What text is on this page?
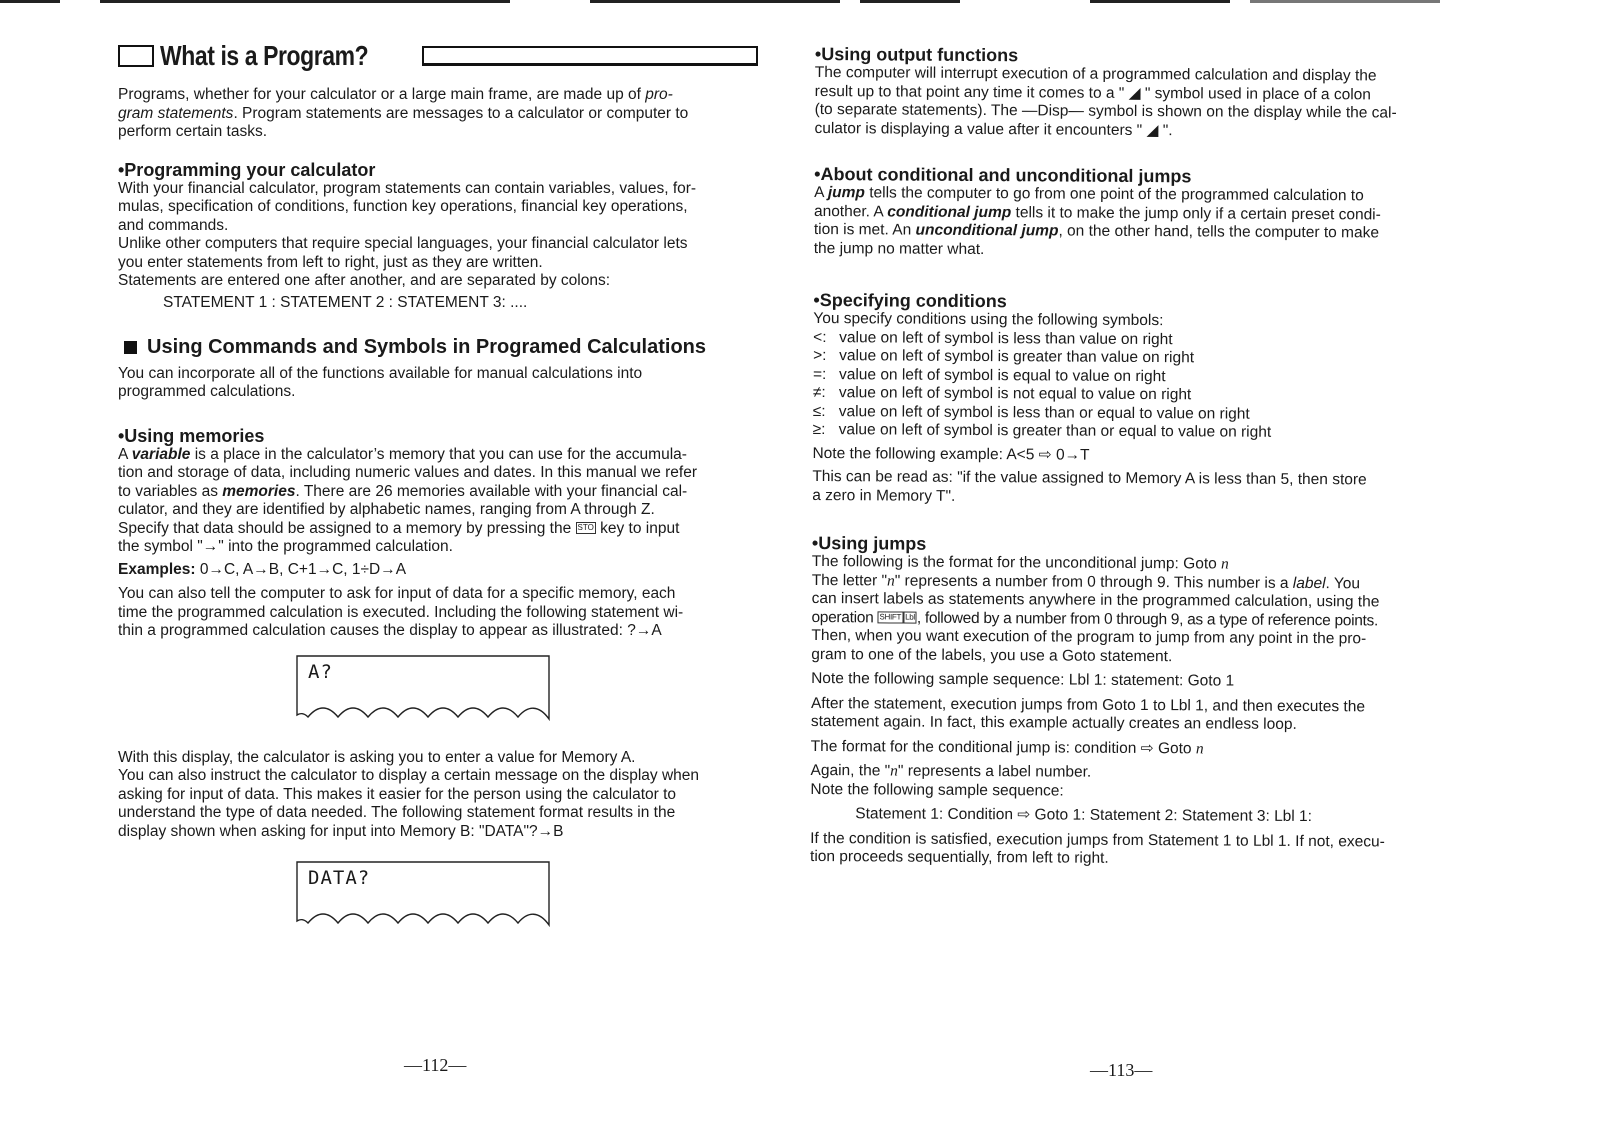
What is a Program?

Programs, whether for your calculator or a large main frame, are made up of pro-
gram statements. Program statements are messages to a calculator or computer to
perform certain tasks.

•Programming your calculator
With your financial calculator, program statements can contain variables, values, for-
mulas, specification of conditions, function key operations, financial key operations,
and commands.
Unlike other computers that require special languages, your financial calculator lets
you enter statements from left to right, just as they are written.
Statements are entered one after another, and are separated by colons:
STATEMENT 1 : STATEMENT 2 : STATEMENT 3: ....
Using Commands and Symbols in Programed Calculations
You can incorporate all of the functions available for manual calculations into
programmed calculations.
•Using memories
A variable is a place in the calculator’s memory that you can use for the accumula-
tion and storage of data, including numeric values and dates. In this manual we refer
to variables as memories. There are 26 memories available with your financial cal-
culator, and they are identified by alphabetic names, ranging from A through Z.
Specify that data should be assigned to a memory by pressing the STO key to input
the symbol "→" into the programmed calculation.
Examples: 0→C, A→B, C+1→C, 1÷D→A
You can also tell the computer to ask for input of data for a specific memory, each
time the programmed calculation is executed. Including the following statement wi-
thin a programmed calculation causes the display to appear as illustrated: ?→A
A?
With this display, the calculator is asking you to enter a value for Memory A.
You can also instruct the calculator to display a certain message on the display when
asking for input of data. This makes it easier for the person using the calculator to
understand the type of data needed. The following statement format results in the
display shown when asking for input into Memory B: "DATA"?→B
DATA?
—112—
•Using output functions
The computer will interrupt execution of a programmed calculation and display the
result up to that point any time it comes to a " ◢ " symbol used in place of a colon
(to separate statements). The —Disp— symbol is shown on the display while the cal-
culator is displaying a value after it encounters " ◢ ".
•About conditional and unconditional jumps
A jump tells the computer to go from one point of the programmed calculation to
another. A conditional jump tells it to make the jump only if a certain preset condi-
tion is met. An unconditional jump, on the other hand, tells the computer to make
the jump no matter what.
•Specifying conditions
You specify conditions using the following symbols:
<: value on left of symbol is less than value on right
>: value on left of symbol is greater than value on right
=: value on left of symbol is equal to value on right
≠: value on left of symbol is not equal to value on right
≤: value on left of symbol is less than or equal to value on right
≥: value on left of symbol is greater than or equal to value on right
Note the following example: A<5 ⇨ 0→T
This can be read as: "if the value assigned to Memory A is less than 5, then store
a zero in Memory T".
•Using jumps
The following is the format for the unconditional jump: Goto n
The letter "n" represents a number from 0 through 9. This number is a label. You
can insert labels as statements anywhere in the programmed calculation, using the
operation SHIFT Lbl , followed by a number from 0 through 9, as a type of reference points.
Then, when you want execution of the program to jump from any point in the pro-
gram to one of the labels, you use a Goto statement.
Note the following sample sequence: Lbl 1: statement: Goto 1
After the statement, execution jumps from Goto 1 to Lbl 1, and then executes the
statement again. In fact, this example actually creates an endless loop.
The format for the conditional jump is: condition ⇨ Goto n
Again, the "n" represents a label number.
Note the following sample sequence:
Statement 1: Condition ⇨ Goto 1: Statement 2: Statement 3: Lbl 1:
If the condition is satisfied, execution jumps from Statement 1 to Lbl 1. If not, execu-
tion proceeds sequentially, from left to right.
—113—
